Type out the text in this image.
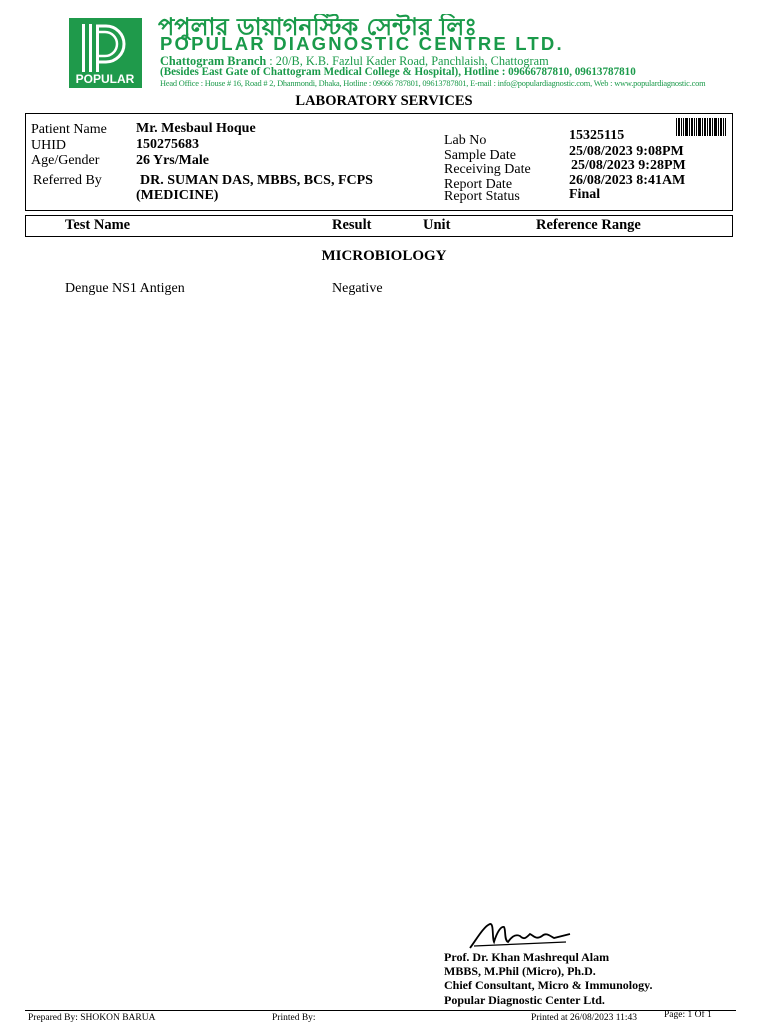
POPULAR
পপুলার ডায়াগনস্টিক সেন্টার লিঃ
POPULAR DIAGNOSTIC CENTRE LTD.
Chattogram Branch : 20/B, K.B. Fazlul Kader Road, Panchlaish, Chattogram
(Besides East Gate of Chattogram Medical College & Hospital), Hotline : 09666787810, 09613787810
Head Office : House # 16, Road # 2, Dhanmondi, Dhaka, Hotline : 09666 787801, 09613787801, E-mail : info@populardiagnostic.com, Web : www.populardiagnostic.com
LABORATORY SERVICES
Patient Name Mr. Mesbaul Hoque
UHID	150275683
Age/Gender	26 Yrs/Male
Referred By	DR. SUMAN DAS, MBBS, BCS, FCPS
(MEDICINE)
Lab No	15325115
Sample Date	25/08/2023 9:08PM
Receiving Date	25/08/2023 9:28PM
Report Date	26/08/2023 8:41AM
Report Status	Final
Test Name	Result	Unit	Reference Range
MICROBIOLOGY
Dengue NS1 Antigen	Negative
Prof. Dr. Khan Mashrequl Alam
MBBS, M.Phil (Micro), Ph.D.
Chief Consultant, Micro & Immunology.
Popular Diagnostic Center Ltd.
Prepared By: SHOKON BARUA	Printed By:	Printed at 26/08/2023 11:43	Page: 1 Of 1
